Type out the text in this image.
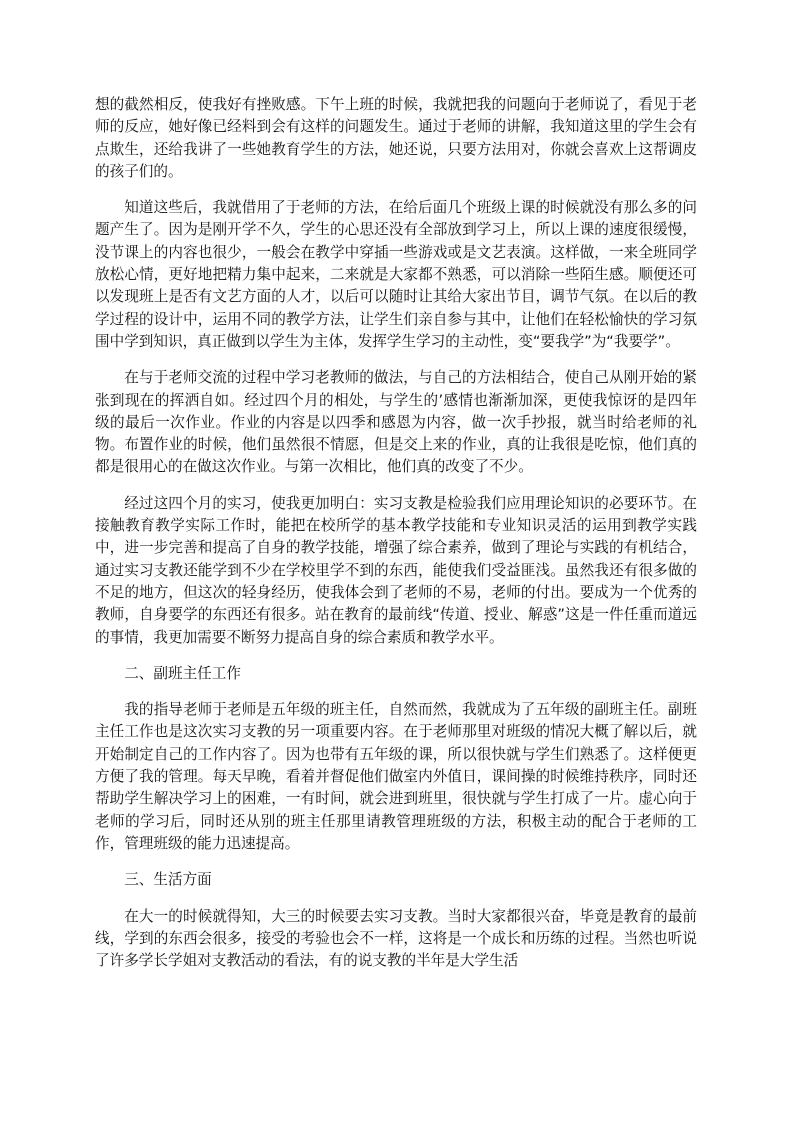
想的截然相反，使我好有挫败感。下午上班的时候，我就把我的问题向于老师说了，看见于老师的反应，她好像已经料到会有这样的问题发生。通过于老师的讲解，我知道这里的学生会有点欺生，还给我讲了一些她教育学生的方法，她还说，只要方法用对，你就会喜欢上这帮调皮的孩子们的。

知道这些后，我就借用了于老师的方法，在给后面几个班级上课的时候就没有那么多的问题产生了。因为是刚开学不久，学生的心思还没有全部放到学习上，所以上课的速度很缓慢，没节课上的内容也很少，一般会在教学中穿插一些游戏或是文艺表演。这样做，一来全班同学放松心情，更好地把精力集中起来，二来就是大家都不熟悉，可以消除一些陌生感。顺便还可以发现班上是否有文艺方面的人才，以后可以随时让其给大家出节目，调节气氛。在以后的教学过程的设计中，运用不同的教学方法，让学生们亲自参与其中，让他们在轻松愉快的学习氛围中学到知识，真正做到以学生为主体，发挥学生学习的主动性，变“要我学”为“我要学”。

在与于老师交流的过程中学习老教师的做法，与自己的方法相结合，使自己从刚开始的紧张到现在的挥洒自如。经过四个月的相处，与学生的’感情也渐渐加深，更使我惊讶的是四年级的最后一次作业。作业的内容是以四季和感恩为内容，做一次手抄报，就当时给老师的礼物。布置作业的时候，他们虽然很不情愿，但是交上来的作业，真的让我很是吃惊，他们真的都是很用心的在做这次作业。与第一次相比，他们真的改变了不少。

经过这四个月的实习，使我更加明白：实习支教是检验我们应用理论知识的必要环节。在接触教育教学实际工作时，能把在校所学的基本教学技能和专业知识灵活的运用到教学实践中，进一步完善和提高了自身的教学技能，增强了综合素养，做到了理论与实践的有机结合，通过实习支教还能学到不少在学校里学不到的东西，能使我们受益匪浅。虽然我还有很多做的不足的地方，但这次的轻身经历，使我体会到了老师的不易，老师的付出。要成为一个优秀的教师，自身要学的东西还有很多。站在教育的最前线“传道、授业、解惑”这是一件任重而道远的事情，我更加需要不断努力提高自身的综合素质和教学水平。

二、副班主任工作

我的指导老师于老师是五年级的班主任，自然而然，我就成为了五年级的副班主任。副班主任工作也是这次实习支教的另一项重要内容。在于老师那里对班级的情况大概了解以后，就开始制定自己的工作内容了。因为也带有五年级的课，所以很快就与学生们熟悉了。这样便更方便了我的管理。每天早晚，看着并督促他们做室内外值日，课间操的时候维持秩序，同时还帮助学生解决学习上的困难，一有时间，就会进到班里，很快就与学生打成了一片。虚心向于老师的学习后，同时还从别的班主任那里请教管理班级的方法，积极主动的配合于老师的工作，管理班级的能力迅速提高。

三、生活方面

在大一的时候就得知，大三的时候要去实习支教。当时大家都很兴奋，毕竟是教育的最前线，学到的东西会很多，接受的考验也会不一样，这将是一个成长和历练的过程。当然也听说了许多学长学姐对支教活动的看法，有的说支教的半年是大学生活
